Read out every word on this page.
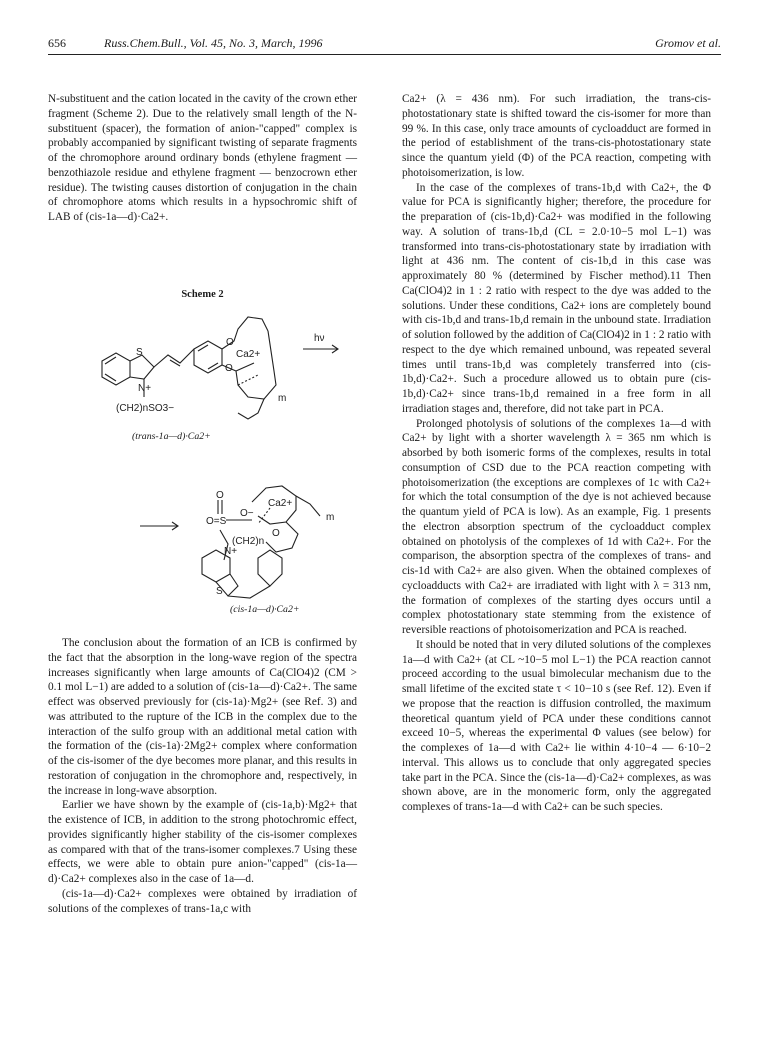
656	Russ.Chem.Bull., Vol. 45, No. 3, March, 1996	Gromov et al.

N-substituent and the cation located in the cavity of the crown ether fragment (Scheme 2). Due to the relatively small length of the N-substituent (spacer), the formation of anion-"capped" complex is probably accompanied by significant twisting of separate fragments of the chromophore around ordinary bonds (ethylene fragment — benzothiazole residue and ethylene fragment — benzocrown ether residue). The twisting causes distortion of conjugation in the chain of chromophore atoms which results in a hypsochromic shift of LAB of (cis-1a—d)·Ca2+.

Scheme 2
S
N+
O
O
Ca2+
m
hν
(CH2)nSO3−
(trans-1a—d)·Ca2+
O=S
O
O−
Ca2+
O
m
(CH2)n
N+
S
(cis-1a—d)·Ca2+

The conclusion about the formation of an ICB is confirmed by the fact that the absorption in the long-wave region of the spectra increases significantly when large amounts of Ca(ClO4)2 (CM > 0.1 mol L−1) are added to a solution of (cis-1a—d)·Ca2+. The same effect was observed previously for (cis-1a)·Mg2+ (see Ref. 3) and was attributed to the rupture of the ICB in the complex due to the interaction of the sulfo group with an additional metal cation with the formation of the (cis-1a)·2Mg2+ complex where conformation of the cis-isomer of the dye becomes more planar, and this results in restoration of conjugation in the chromophore and, respectively, in the increase in long-wave absorption.

Earlier we have shown by the example of (cis-1a,b)·Mg2+ that the existence of ICB, in addition to the strong photochromic effect, provides significantly higher stability of the cis-isomer complexes as compared with that of the trans-isomer complexes.7 Using these effects, we were able to obtain pure anion-"capped" (cis-1a—d)·Ca2+ complexes also in the case of 1a—d.

(cis-1a—d)·Ca2+ complexes were obtained by irradiation of solutions of the complexes of trans-1a,c with

Ca2+ (λ = 436 nm). For such irradiation, the trans-cis-photostationary state is shifted toward the cis-isomer for more than 99 %. In this case, only trace amounts of cycloadduct are formed in the period of establishment of the trans-cis-photostationary state since the quantum yield (Φ) of the PCA reaction, competing with photoisomerization, is low.

In the case of the complexes of trans-1b,d with Ca2+, the Φ value for PCA is significantly higher; therefore, the procedure for the preparation of (cis-1b,d)·Ca2+ was modified in the following way. A solution of trans-1b,d (CL = 2.0·10−5 mol L−1) was transformed into trans-cis-photostationary state by irradiation with light at 436 nm. The content of cis-1b,d in this case was approximately 80 % (determined by Fischer method).11 Then Ca(ClO4)2 in 1 : 2 ratio with respect to the dye was added to the solutions. Under these conditions, Ca2+ ions are completely bound with cis-1b,d and trans-1b,d remain in the unbound state. Irradiation of solution followed by the addition of Ca(ClO4)2 in 1 : 2 ratio with respect to the dye which remained unbound, was repeated several times until trans-1b,d was completely transferred into (cis-1b,d)·Ca2+. Such a procedure allowed us to obtain pure (cis-1b,d)·Ca2+ since trans-1b,d remained in a free form in all irradiation stages and, therefore, did not take part in PCA.

Prolonged photolysis of solutions of the complexes 1a—d with Ca2+ by light with a shorter wavelength λ = 365 nm which is absorbed by both isomeric forms of the complexes, results in total consumption of CSD due to the PCA reaction competing with photoisomerization (the exceptions are complexes of 1c with Ca2+ for which the total consumption of the dye is not achieved because the quantum yield of PCA is low). As an example, Fig. 1 presents the electron absorption spectrum of the cycloadduct complex obtained on photolysis of the complexes of 1d with Ca2+. For the comparison, the absorption spectra of the complexes of trans- and cis-1d with Ca2+ are also given. When the obtained complexes of cycloadducts with Ca2+ are irradiated with light with λ = 313 nm, the formation of complexes of the starting dyes occurs until a complex photostationary state stemming from the existence of reversible reactions of photoisomerization and PCA is reached.

It should be noted that in very diluted solutions of the complexes 1a—d with Ca2+ (at CL ~10−5 mol L−1) the PCA reaction cannot proceed according to the usual bimolecular mechanism due to the small lifetime of the excited state τ < 10−10 s (see Ref. 12). Even if we propose that the reaction is diffusion controlled, the maximum theoretical quantum yield of PCA under these conditions cannot exceed 10−5, whereas the experimental Φ values (see below) for the complexes of 1a—d with Ca2+ lie within 4·10−4 — 6·10−2 interval. This allows us to conclude that only aggregated species take part in the PCA. Since the (cis-1a—d)·Ca2+ complexes, as was shown above, are in the monomeric form, only the aggregated complexes of trans-1a—d with Ca2+ can be such species.
